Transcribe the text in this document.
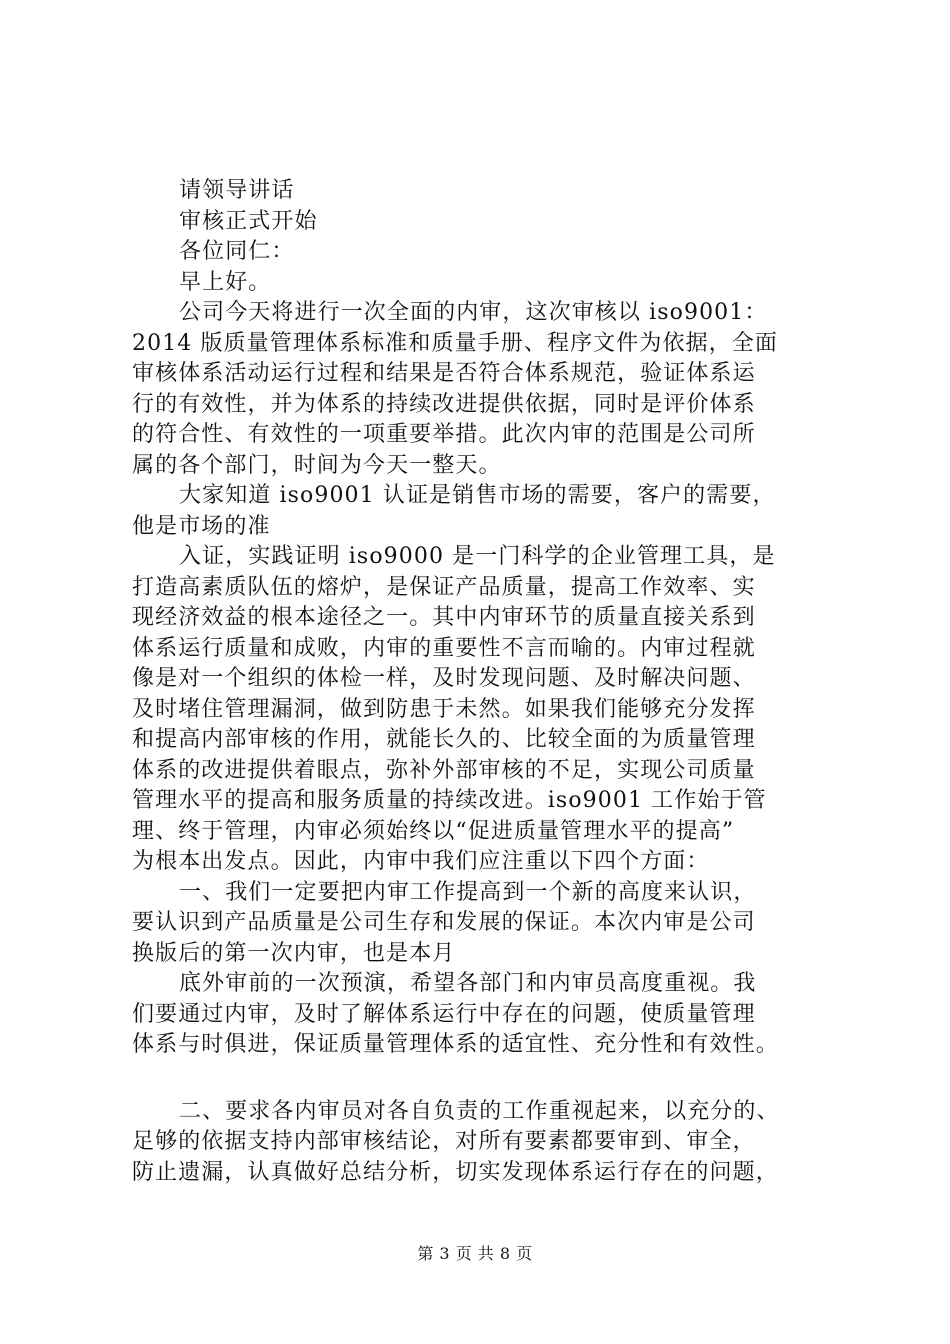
请领导讲话
审核正式开始
各位同仁：
早上好。
公司今天将进行一次全面的内审，这次审核以 iso9001：
2014 版质量管理体系标准和质量手册、程序文件为依据，全面
审核体系活动运行过程和结果是否符合体系规范，验证体系运
行的有效性，并为体系的持续改进提供依据，同时是评价体系
的符合性、有效性的一项重要举措。此次内审的范围是公司所
属的各个部门，时间为今天一整天。
大家知道 iso9001 认证是销售市场的需要，客户的需要，
他是市场的准
入证，实践证明 iso9000 是一门科学的企业管理工具，是
打造高素质队伍的熔炉，是保证产品质量，提高工作效率、实
现经济效益的根本途径之一。其中内审环节的质量直接关系到
体系运行质量和成败，内审的重要性不言而喻的。内审过程就
像是对一个组织的体检一样，及时发现问题、及时解决问题、
及时堵住管理漏洞，做到防患于未然。如果我们能够充分发挥
和提高内部审核的作用，就能长久的、比较全面的为质量管理
体系的改进提供着眼点，弥补外部审核的不足，实现公司质量
管理水平的提高和服务质量的持续改进。iso9001 工作始于管
理、终于管理，内审必须始终以“促进质量管理水平的提高”
为根本出发点。因此，内审中我们应注重以下四个方面：
一、我们一定要把内审工作提高到一个新的高度来认识，
要认识到产品质量是公司生存和发展的保证。本次内审是公司
换版后的第一次内审，也是本月
底外审前的一次预演，希望各部门和内审员高度重视。我
们要通过内审，及时了解体系运行中存在的问题，使质量管理
体系与时俱进，保证质量管理体系的适宜性、充分性和有效性。
二、要求各内审员对各自负责的工作重视起来，以充分的、
足够的依据支持内部审核结论，对所有要素都要审到、审全，
防止遗漏，认真做好总结分析，切实发现体系运行存在的问题，
第 3 页 共 8 页
